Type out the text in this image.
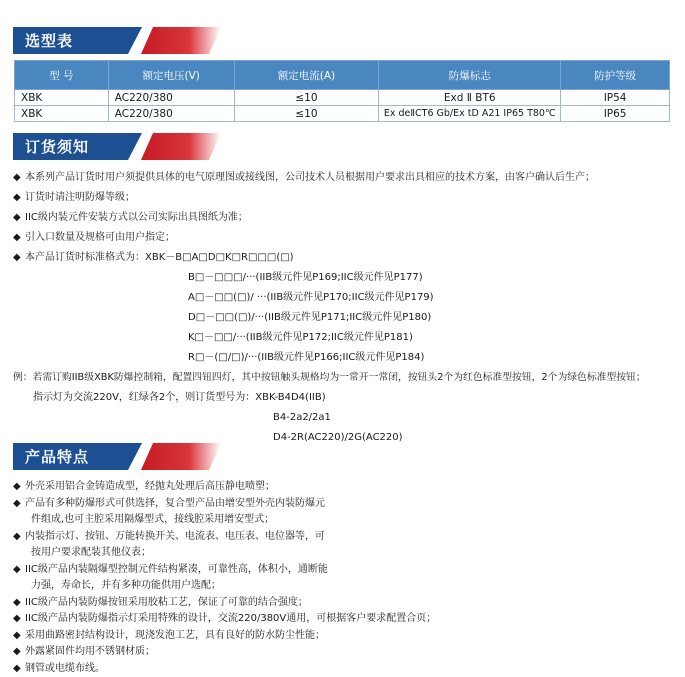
选型表
型 号	额定电压(V)	额定电流(A)	防爆标志	防护等级
XBK	AC220/380	≤10	Exd Ⅱ BT6	IP54
XBK	AC220/380	≤10	Ex deⅡCT6 Gb/Ex tD A21 IP65 T80℃	IP65
订货须知
◆ 本系列产品订货时用户须提供具体的电气原理图或接线图，公司技术人员根据用户要求出具相应的技术方案，由客户确认后生产；
◆ 订货时请注明防爆等级；
◆ IIC级内装元件安装方式以公司实际出具图纸为准；
◆ 引入口数量及规格可由用户指定；
◆ 本产品订货时标准格式为：XBK－B□A□D□K□R□□□(□)
B□－□□□/···(IIB级元件见P169;IIC级元件见P177)
A□－□□(□)/ ···(IIB级元件见P170;IIC级元件见P179)
D□－□□(□)/···(IIB级元件见P171;IIC级元件见P180)
K□－□□/···(IIB级元件见P172;IIC级元件见P181)
R□－(□/□)/···(IIB级元件见P166;IIC级元件见P184)
例：若需订购IIB级XBK防爆控制箱，配置四钮四灯，其中按钮触头规格均为一常开一常闭，按钮头2个为红色标准型按钮，2个为绿色标准型按钮；
指示灯为交流220V，红绿各2个，则订货型号为：XBK-B4D4(IIB)
B4-2a2/2a1
D4-2R(AC220)/2G(AC220)
产品特点
◆ 外壳采用铝合金铸造成型，经抛丸处理后高压静电喷塑；
◆ 产品有多种防爆形式可供选择，复合型产品由增安型外壳内装防爆元
件组成,也可主腔采用隔爆型式，接线腔采用增安型式；
◆ 内装指示灯、按钮、万能转换开关、电流表、电压表、电位器等，可
按用户要求配装其他仪表；
◆ IIC级产品内装隔爆型控制元件结构紧凑，可靠性高，体积小，通断能
力强，寿命长，并有多种功能供用户选配；
◆ IIC级产品内装防爆按钮采用胶粘工艺，保证了可靠的结合强度；
◆ IIC级产品内装防爆指示灯采用特殊的设计，交流220/380V通用，可根据客户要求配置合页；
◆ 采用曲路密封结构设计，现浇发泡工艺，具有良好的防水防尘性能；
◆ 外露紧固件均用不锈钢材质；
◆ 钢管或电缆布线。
